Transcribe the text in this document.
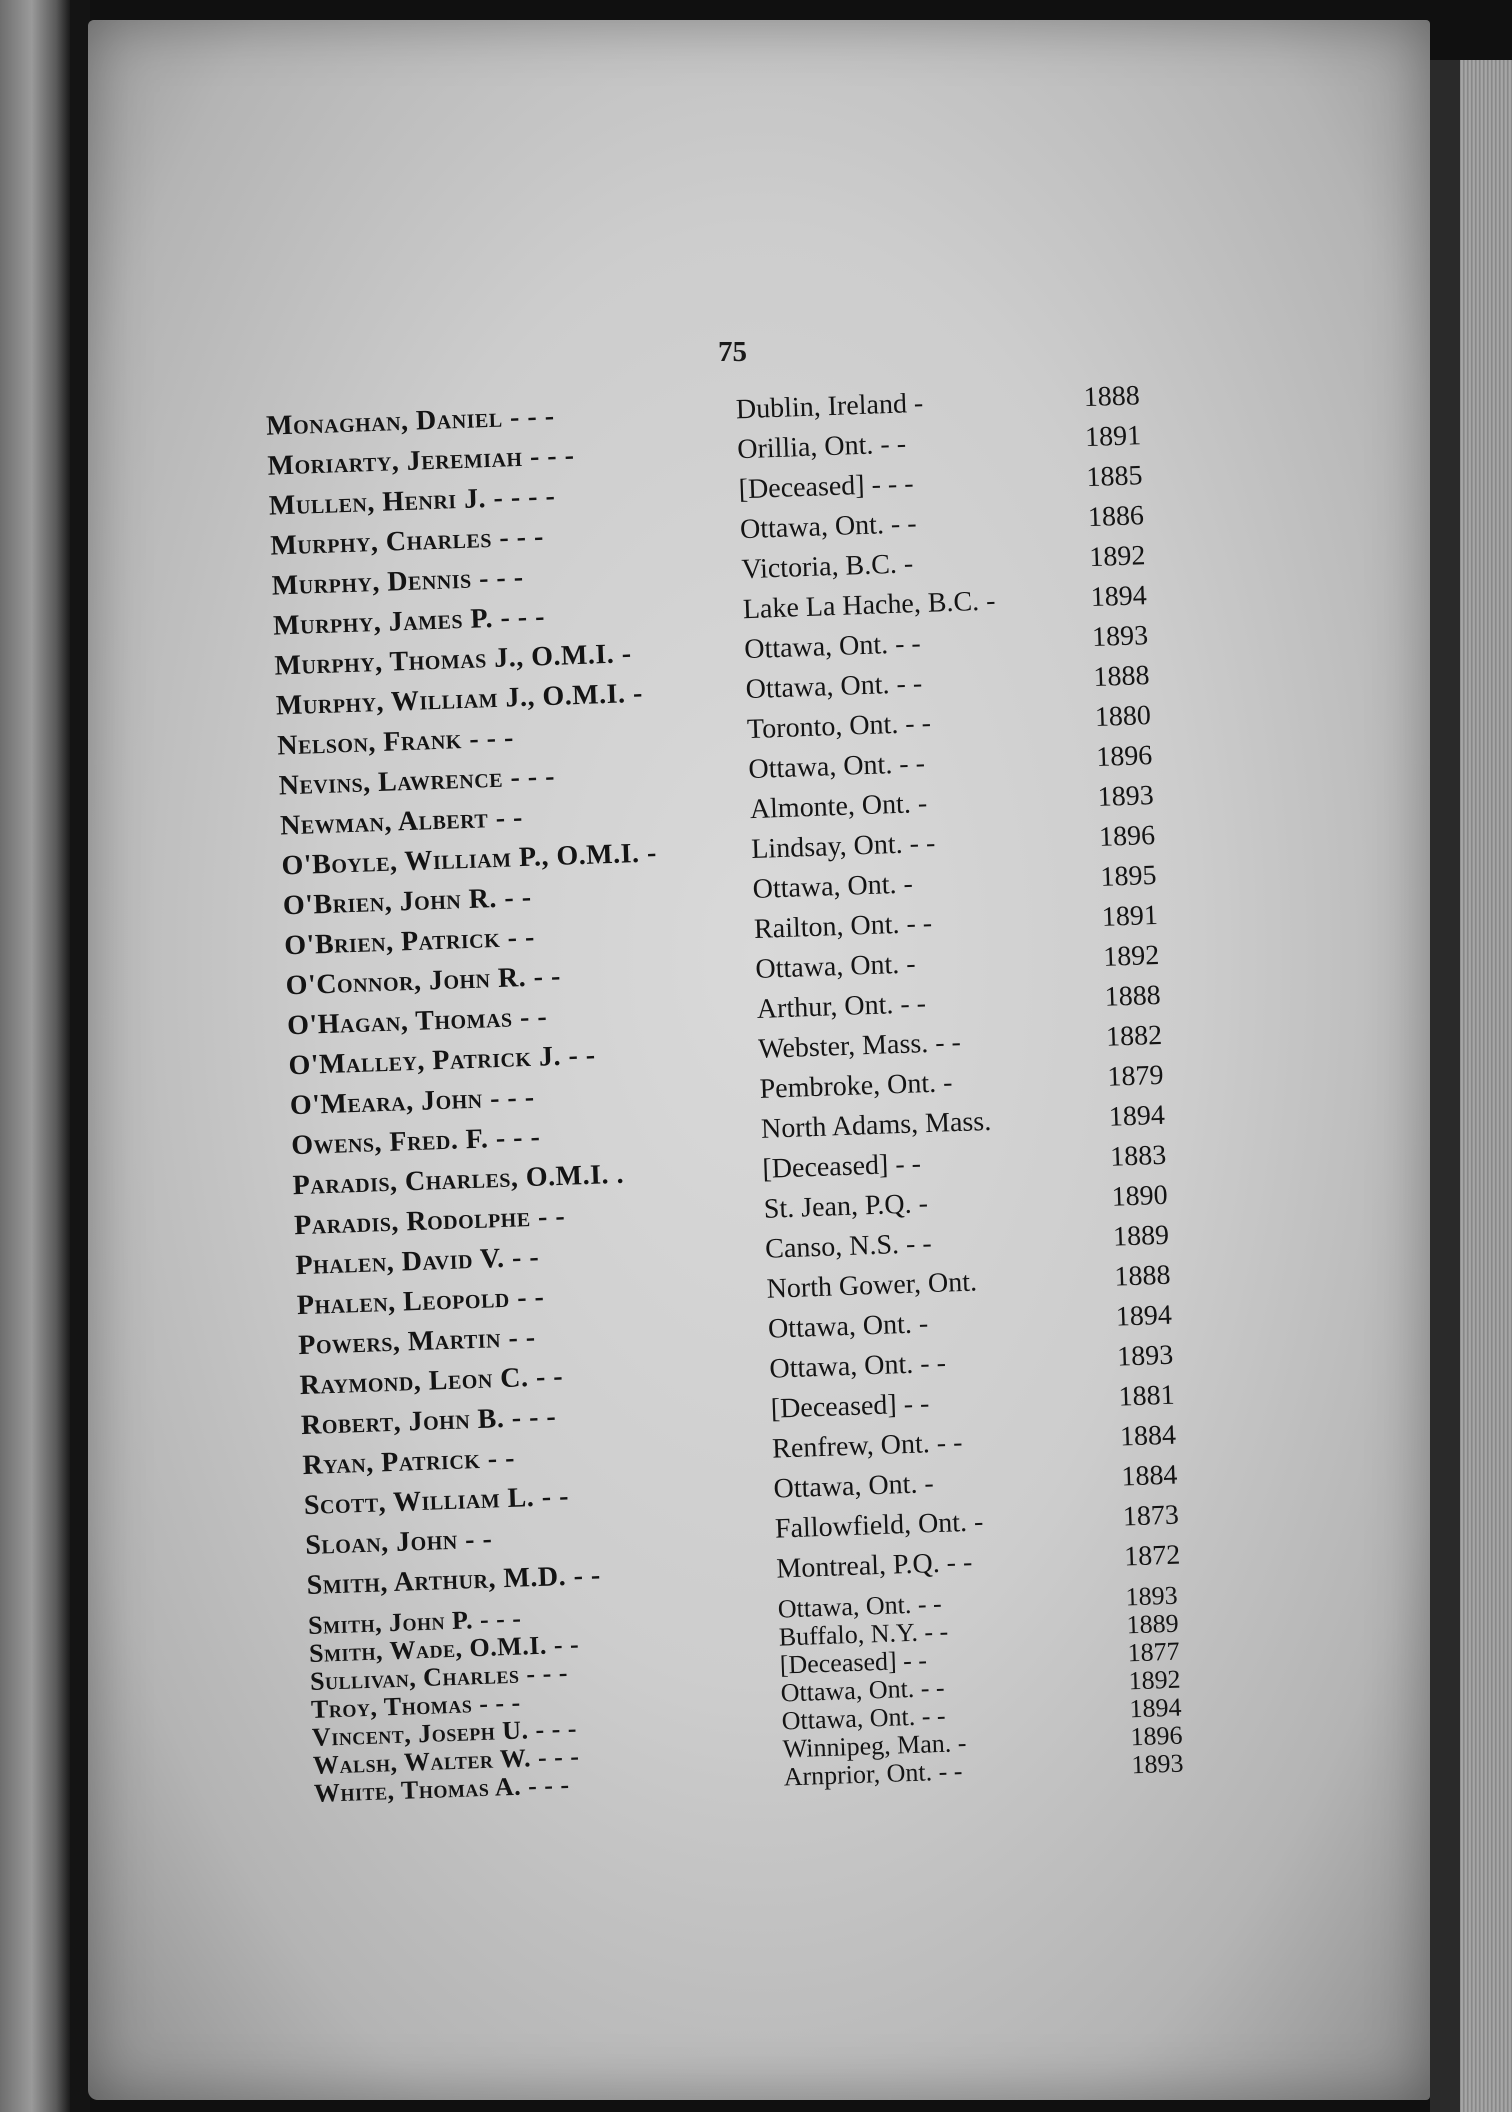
75
Monaghan, Daniel - - -	Dublin, Ireland -	1888
Moriarty, Jeremiah - - -	Orillia, Ont. - -	1891
Mullen, Henri J. - - - -	[Deceased] - - -	1885
Murphy, Charles - - -	Ottawa, Ont. - -	1886
Murphy, Dennis - - -	Victoria, B.C. -	1892
Murphy, James P. - - -	Lake La Hache, B.C. -	1894
Murphy, Thomas J., O.M.I. -	Ottawa, Ont. - -	1893
Murphy, William J., O.M.I. -	Ottawa, Ont. - -	1888
Nelson, Frank - - -	Toronto, Ont. - -	1880
Nevins, Lawrence - - -	Ottawa, Ont. - -	1896
Newman, Albert - -	Almonte, Ont. -	1893
O'Boyle, William P., O.M.I. -	Lindsay, Ont. - -	1896
O'Brien, John R. - -	Ottawa, Ont. -	1895
O'Brien, Patrick - -	Railton, Ont. - -	1891
O'Connor, John R. - -	Ottawa, Ont. -	1892
O'Hagan, Thomas - -	Arthur, Ont. - -	1888
O'Malley, Patrick J. - -	Webster, Mass. - -	1882
O'Meara, John - - -	Pembroke, Ont. -	1879
Owens, Fred. F. - - -	North Adams, Mass.	1894
Paradis, Charles, O.M.I. .	[Deceased] - -	1883
Paradis, Rodolphe - -	St. Jean, P.Q. -	1890
Phalen, David V. - -	Canso, N.S. - -	1889
Phalen, Leopold - -	North Gower, Ont.	1888
Powers, Martin - -	Ottawa, Ont. -	1894
Raymond, Leon C. - -	Ottawa, Ont. - -	1893
Robert, John B. - - -	[Deceased] - -	1881
Ryan, Patrick - -	Renfrew, Ont. - -	1884
Scott, William L. - -	Ottawa, Ont. -	1884
Sloan, John - -	Fallowfield, Ont. -	1873
Smith, Arthur, M.D. - -	Montreal, P.Q. - -	1872
Smith, John P. - - -	Ottawa, Ont. - -	1893
Smith, Wade, O.M.I. - -	Buffalo, N.Y. - -	1889
Sullivan, Charles - - -	[Deceased] - -	1877
Troy, Thomas - - -	Ottawa, Ont. - -	1892
Vincent, Joseph U. - - -	Ottawa, Ont. - -	1894
Walsh, Walter W. - - -	Winnipeg, Man. -	1896
White, Thomas A. - - -	Arnprior, Ont. - -	1893
